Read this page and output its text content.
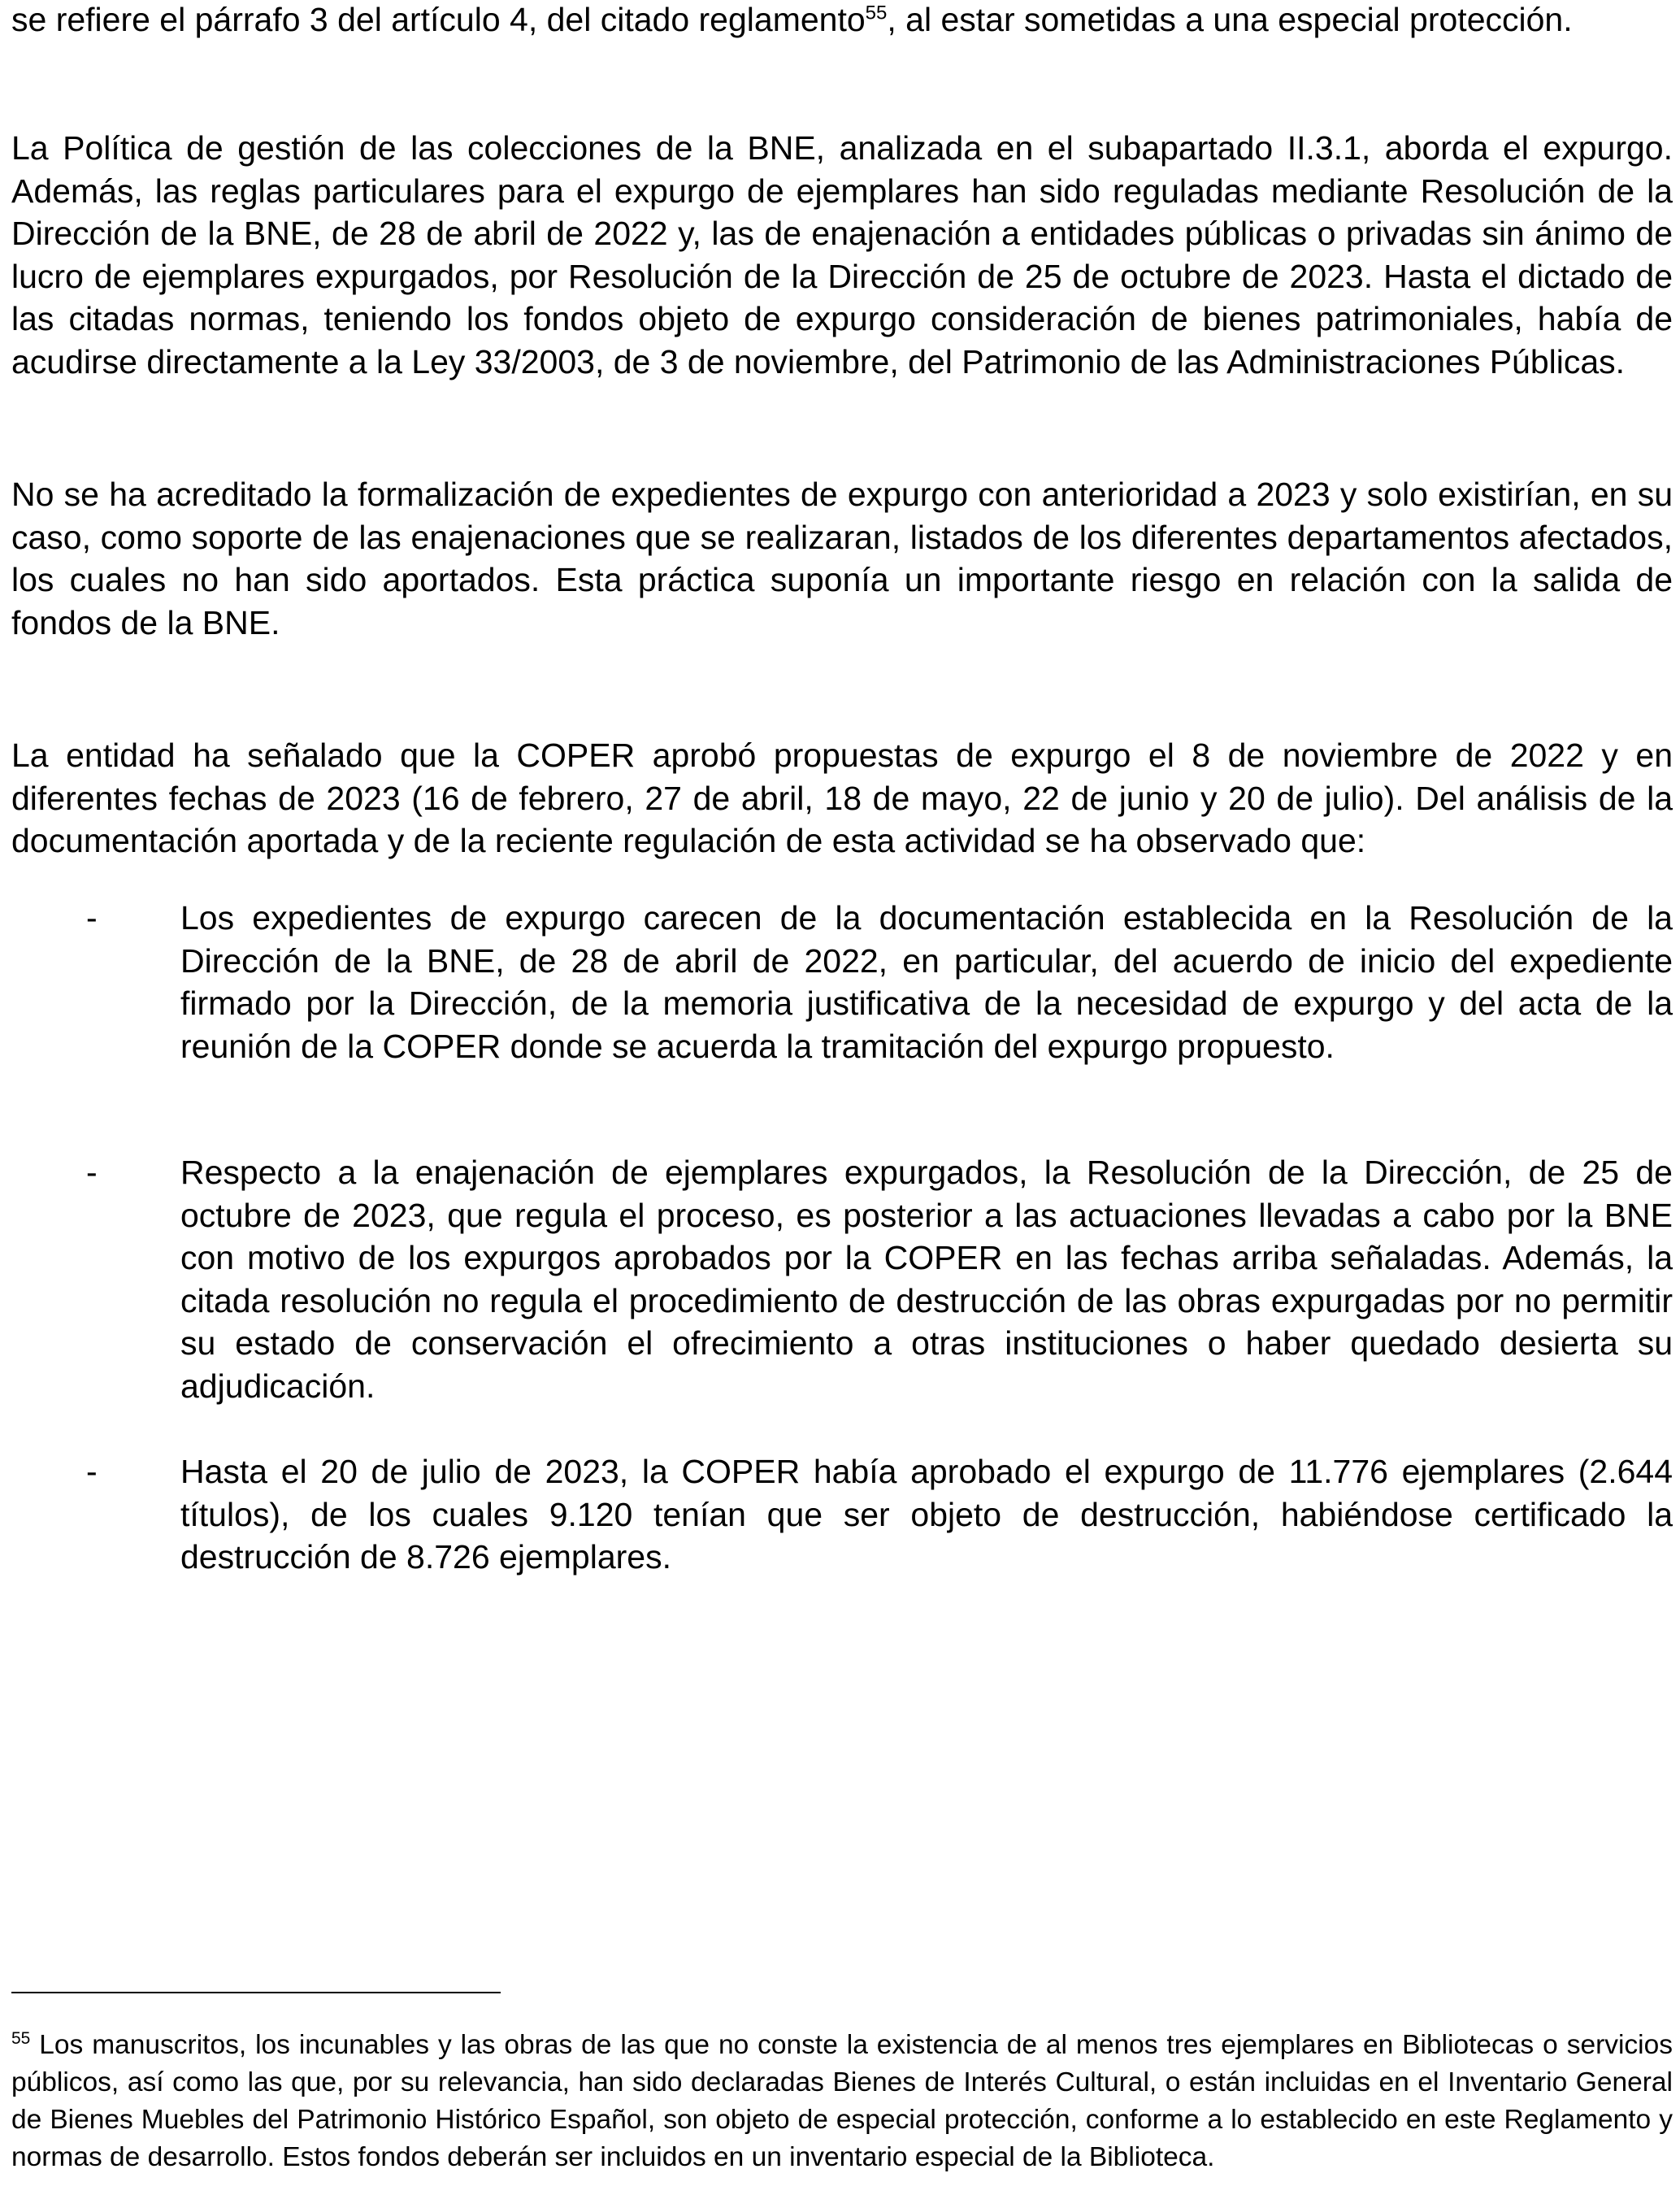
se refiere el párrafo 3 del artículo 4, del citado reglamento$^{55}$, al estar sometidas a una especial protección.

La Política de gestión de las colecciones de la BNE, analizada en el subapartado II.3.1, aborda el expurgo. Además, las reglas particulares para el expurgo de ejemplares han sido reguladas mediante Resolución de la Dirección de la BNE, de 28 de abril de 2022 y, las de enajenación a entidades públicas o privadas sin ánimo de lucro de ejemplares expurgados, por Resolución de la Dirección de 25 de octubre de 2023. Hasta el dictado de las citadas normas, teniendo los fondos objeto de expurgo consideración de bienes patrimoniales, había de acudirse directamente a la Ley 33/2003, de 3 de noviembre, del Patrimonio de las Administraciones Públicas.

No se ha acreditado la formalización de expedientes de expurgo con anterioridad a 2023 y solo existirían, en su caso, como soporte de las enajenaciones que se realizaran, listados de los diferentes departamentos afectados, los cuales no han sido aportados. Esta práctica suponía un importante riesgo en relación con la salida de fondos de la BNE.

La entidad ha señalado que la COPER aprobó propuestas de expurgo el 8 de noviembre de 2022 y en diferentes fechas de 2023 (16 de febrero, 27 de abril, 18 de mayo, 22 de junio y 20 de julio). Del análisis de la documentación aportada y de la reciente regulación de esta actividad se ha observado que:

- Los expedientes de expurgo carecen de la documentación establecida en la Resolución de la Dirección de la BNE, de 28 de abril de 2022, en particular, del acuerdo de inicio del expediente firmado por la Dirección, de la memoria justificativa de la necesidad de expurgo y del acta de la reunión de la COPER donde se acuerda la tramitación del expurgo propuesto.
- Respecto a la enajenación de ejemplares expurgados, la Resolución de la Dirección, de 25 de octubre de 2023, que regula el proceso, es posterior a las actuaciones llevadas a cabo por la BNE con motivo de los expurgos aprobados por la COPER en las fechas arriba señaladas. Además, la citada resolución no regula el procedimiento de destrucción de las obras expurgadas por no permitir su estado de conservación el ofrecimiento a otras instituciones o haber quedado desierta su adjudicación.
- Hasta el 20 de julio de 2023, la COPER había aprobado el expurgo de 11.776 ejemplares (2.644 títulos), de los cuales 9.120 tenían que ser objeto de destrucción, habiéndose certificado la destrucción de 8.726 ejemplares.

$^{55}$ Los manuscritos, los incunables y las obras de las que no conste la existencia de al menos tres ejemplares en Bibliotecas o servicios públicos, así como las que, por su relevancia, han sido declaradas Bienes de Interés Cultural, o están incluidas en el Inventario General de Bienes Muebles del Patrimonio Histórico Español, son objeto de especial protección, conforme a lo establecido en este Reglamento y normas de desarrollo. Estos fondos deberán ser incluidos en un inventario especial de la Biblioteca.
